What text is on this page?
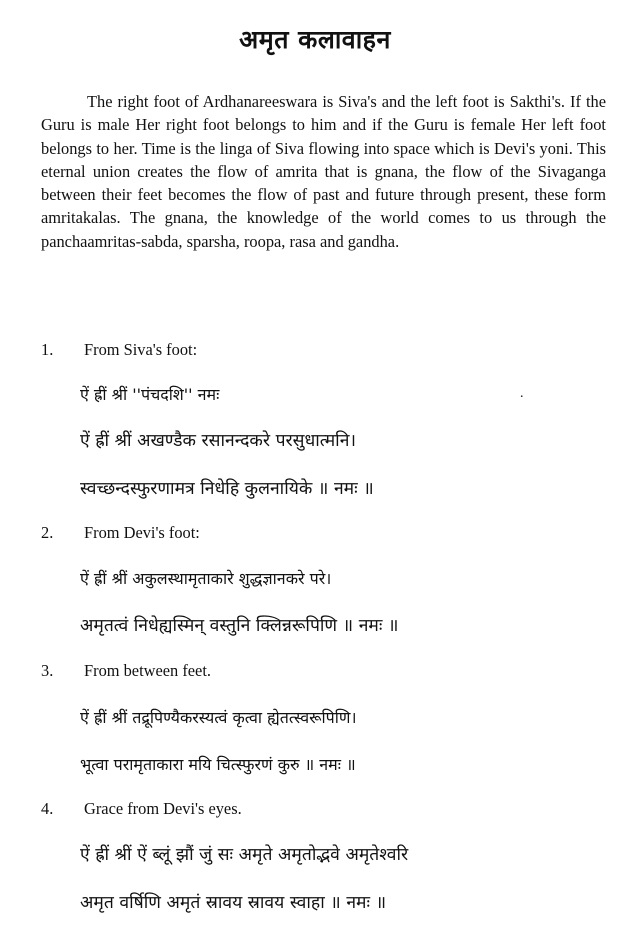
अमृत कलावाहन
The right foot of Ardhanareeswara is Siva's and the left foot is Sakthi's. If the Guru is male Her right foot belongs to him and if the Guru is female Her left foot belongs to her. Time is the linga of Siva flowing into space which is Devi's yoni. This eternal union creates the flow of amrita that is gnana, the flow of the Sivaganga between their feet becomes the flow of past and future through present, these form amritakalas. The gnana, the knowledge of the world comes to us through the panchaamritas-sabda, sparsha, roopa, rasa and gandha.
1. From Siva's foot:
ऐं ह्रीं श्रीं ''पंचदशि'' नमः	.
ऐं ह्रीं श्रीं अखण्डैक रसानन्दकरे परसुधात्मनि।
स्वच्छन्दस्फुरणामत्र निधेहि कुलनायिके ॥ नमः ॥
2. From Devi's foot:
ऐं ह्रीं श्रीं अकुलस्थामृताकारे शुद्धज्ञानकरे परे।
अमृतत्वं निधेह्यस्मिन् वस्तुनि क्लिन्नरूपिणि ॥ नमः ॥
3. From between feet.
ऐं ह्रीं श्रीं तद्रूपिण्यैकरस्यत्वं कृत्वा ह्येतत्स्वरूपिणि।
भूत्वा परामृताकारा मयि चित्स्फुरणं कुरु ॥ नमः ॥
4. Grace from Devi's eyes.
ऐं ह्रीं श्रीं ऐं ब्लूं झौं जुं सः अमृते अमृतोद्भवे अमृतेश्वरि
अमृत वर्षिणि अमृतं स्रावय स्रावय स्वाहा ॥ नमः ॥
